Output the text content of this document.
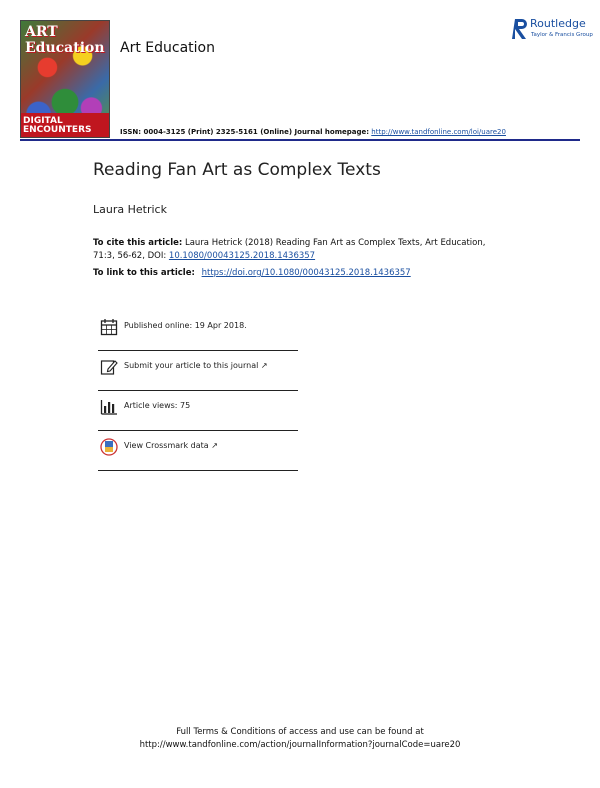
ART Education
DIGITAL ENCOUNTERS
Art Education
Routledge
Taylor & Francis Group
ISSN: 0004-3125 (Print) 2325-5161 (Online) Journal homepage: http://www.tandfonline.com/loi/uare20
Reading Fan Art as Complex Texts
Laura Hetrick
To cite this article: Laura Hetrick (2018) Reading Fan Art as Complex Texts, Art Education, 71:3, 56-62, DOI: 10.1080/00043125.2018.1436357
To link to this article: https://doi.org/10.1080/00043125.2018.1436357
Published online: 19 Apr 2018.
Submit your article to this journal ↗
Article views: 75
View Crossmark data ↗
Full Terms & Conditions of access and use can be found at
http://www.tandfonline.com/action/journalInformation?journalCode=uare20
